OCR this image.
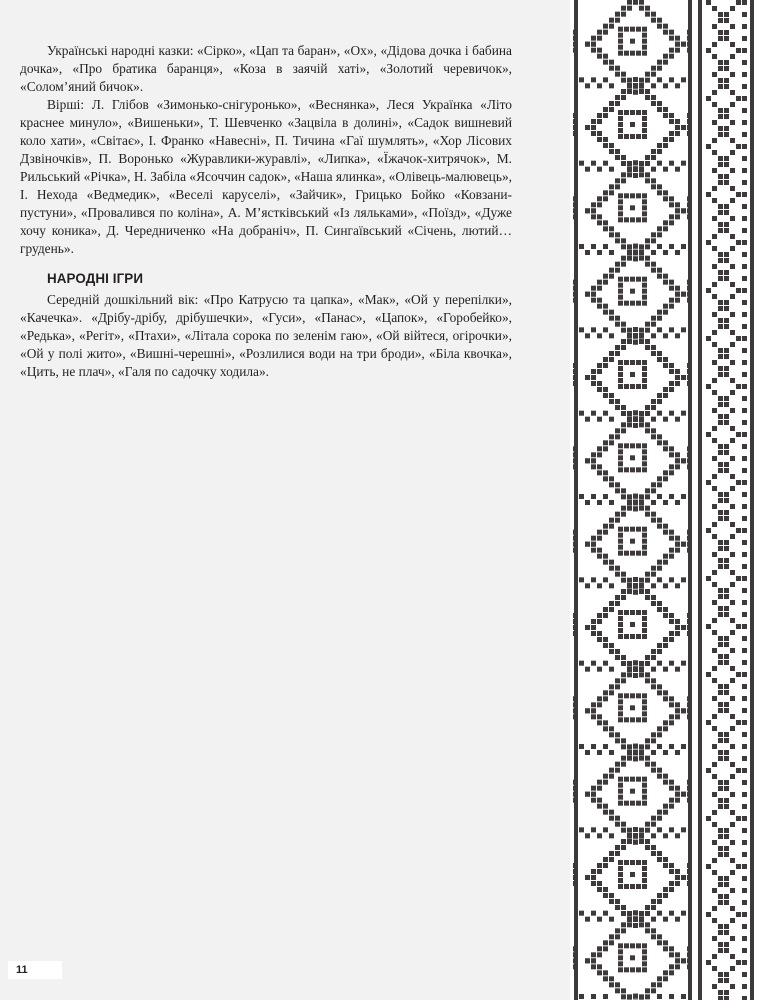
Українські народні казки: «Сірко», «Цап та баран», «Ох», «Дідова дочка і бабина дочка», «Про братика баранця», «Коза в заячій хаті», «Золотий черевичок», «Солом’яний бичок».

Вірші: Л. Глібов «Зимонько-снігуронько», «Веснянка», Леся Українка «Літо краснее минуло», «Вишеньки», Т. Шевченко «Зацвіла в долині», «Садок вишневий коло хати», «Світає», І. Франко «Навесні», П. Тичина «Гаї шумлять», «Хор Лісових Дзвіночків», П. Воронько «Журавлики-журавлі», «Липка», «Їжачок-хитрячок», М. Рильський «Річка», Н. Забіла «Ясоччин садок», «Наша ялинка», «Олівець-малювець», І. Нехода «Ведмедик», «Веселі каруселі», «Зайчик», Грицько Бойко «Ковзани-пустуни», «Провалився по коліна», А. М’ястківський «Із ляльками», «Поїзд», «Дуже хочу коника», Д. Чередниченко «На добраніч», П. Сингаївський «Січень, лютий… грудень».

НАРОДНІ ІГРИ

Середній дошкільний вік: «Про Катрусю та цапка», «Мак», «Ой у перепілки», «Качечка». «Дрібу-дрібу, дрібушечки», «Гуси», «Панас», «Цапок», «Горобейко», «Редька», «Регіт», «Птахи», «Літала сорока по зеленім гаю», «Ой війтеся, огірочки», «Ой у полі жито», «Вишні-черешні», «Розлилися води на три броди», «Біла квочка», «Цить, не плач», «Галя по садочку ходила».

11
